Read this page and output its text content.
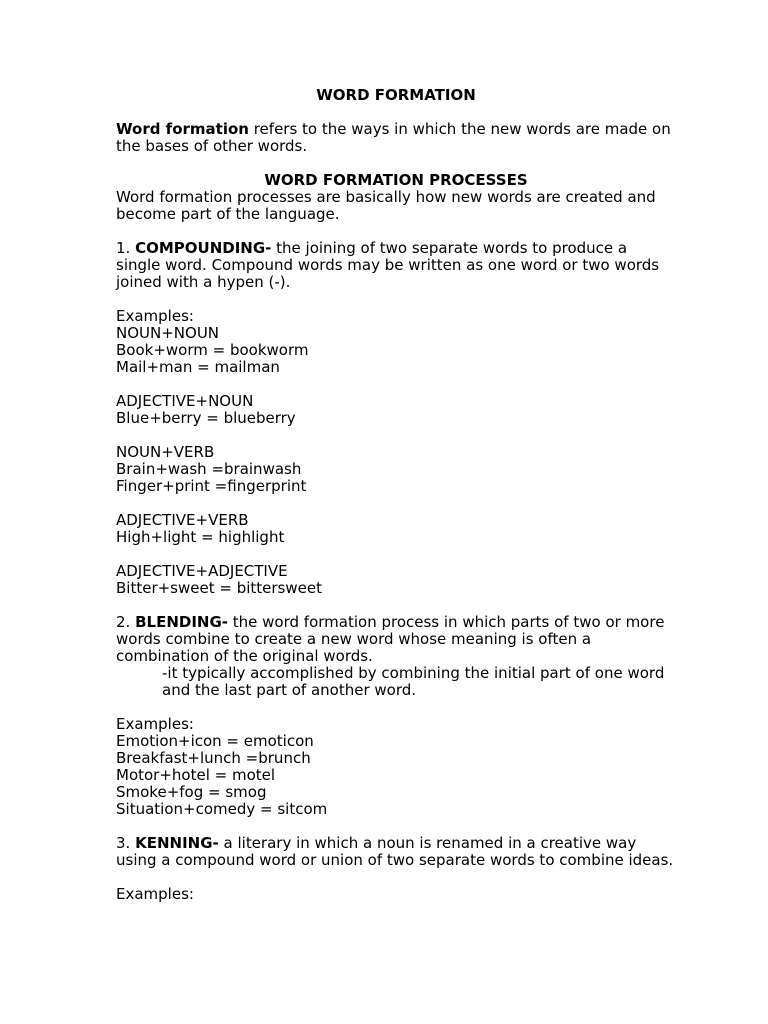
WORD FORMATION

Word formation refers to the ways in which the new words are made on the bases of other words.

WORD FORMATION PROCESSES

Word formation processes are basically how new words are created and become part of the language.

1. COMPOUNDING- the joining of two separate words to produce a single word. Compound words may be written as one word or two words joined with a hypen (-).

Examples:

NOUN+NOUN

Book+worm = bookworm

Mail+man = mailman

ADJECTIVE+NOUN

Blue+berry = blueberry

NOUN+VERB

Brain+wash =brainwash

Finger+print =fingerprint

ADJECTIVE+VERB

High+light = highlight

ADJECTIVE+ADJECTIVE

Bitter+sweet = bittersweet

2. BLENDING- the word formation process in which parts of two or more words combine to create a new word whose meaning is often a combination of the original words.

-it typically accomplished by combining the initial part of one word and the last part of another word.

Examples:

Emotion+icon = emoticon

Breakfast+lunch =brunch

Motor+hotel = motel

Smoke+fog = smog

Situation+comedy = sitcom

3. KENNING- a literary in which a noun is renamed in a creative way using a compound word or union of two separate words to combine ideas.

Examples:
